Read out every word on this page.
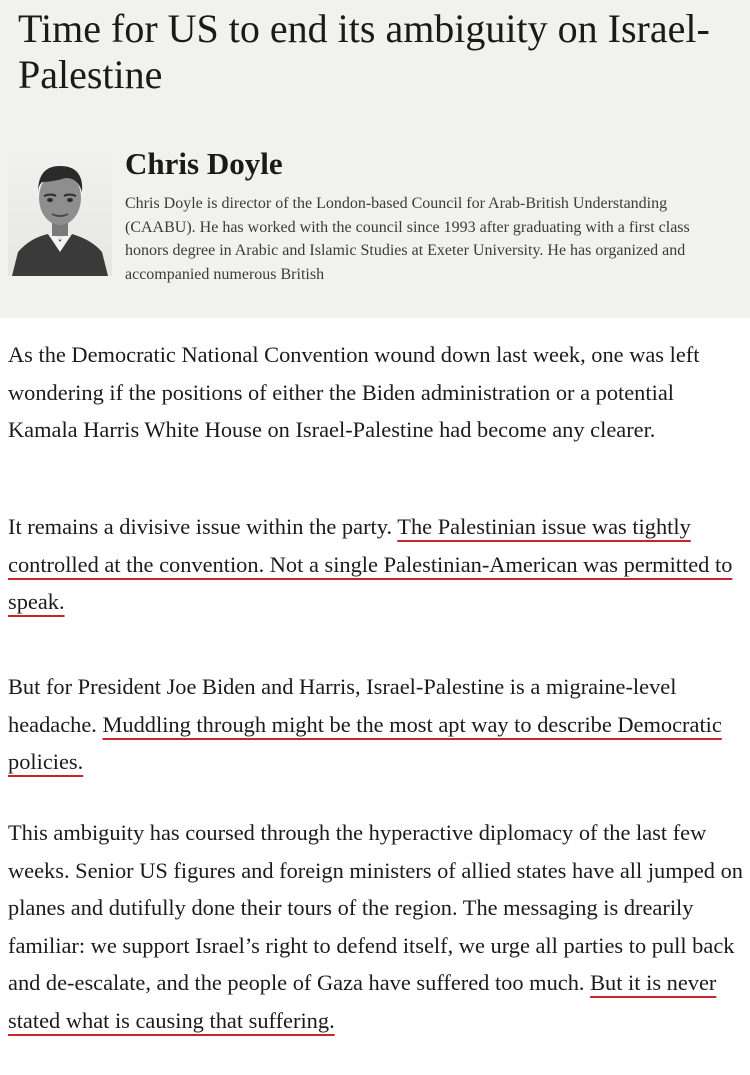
Time for US to end its ambiguity on Israel-Palestine
Chris Doyle

Chris Doyle is director of the London-based Council for Arab-British Understanding (CAABU). He has worked with the council since 1993 after graduating with a first class honors degree in Arabic and Islamic Studies at Exeter University. He has organized and accompanied numerous British

As the Democratic National Convention wound down last week, one was left wondering if the positions of either the Biden administration or a potential Kamala Harris White House on Israel-Palestine had become any clearer.

It remains a divisive issue within the party. The Palestinian issue was tightly controlled at the convention. Not a single Palestinian-American was permitted to speak.

But for President Joe Biden and Harris, Israel-Palestine is a migraine-level headache. Muddling through might be the most apt way to describe Democratic policies.

This ambiguity has coursed through the hyperactive diplomacy of the last few weeks. Senior US figures and foreign ministers of allied states have all jumped on planes and dutifully done their tours of the region. The messaging is drearily familiar: we support Israel’s right to defend itself, we urge all parties to pull back and de-escalate, and the people of Gaza have suffered too much. But it is never stated what is causing that suffering.
